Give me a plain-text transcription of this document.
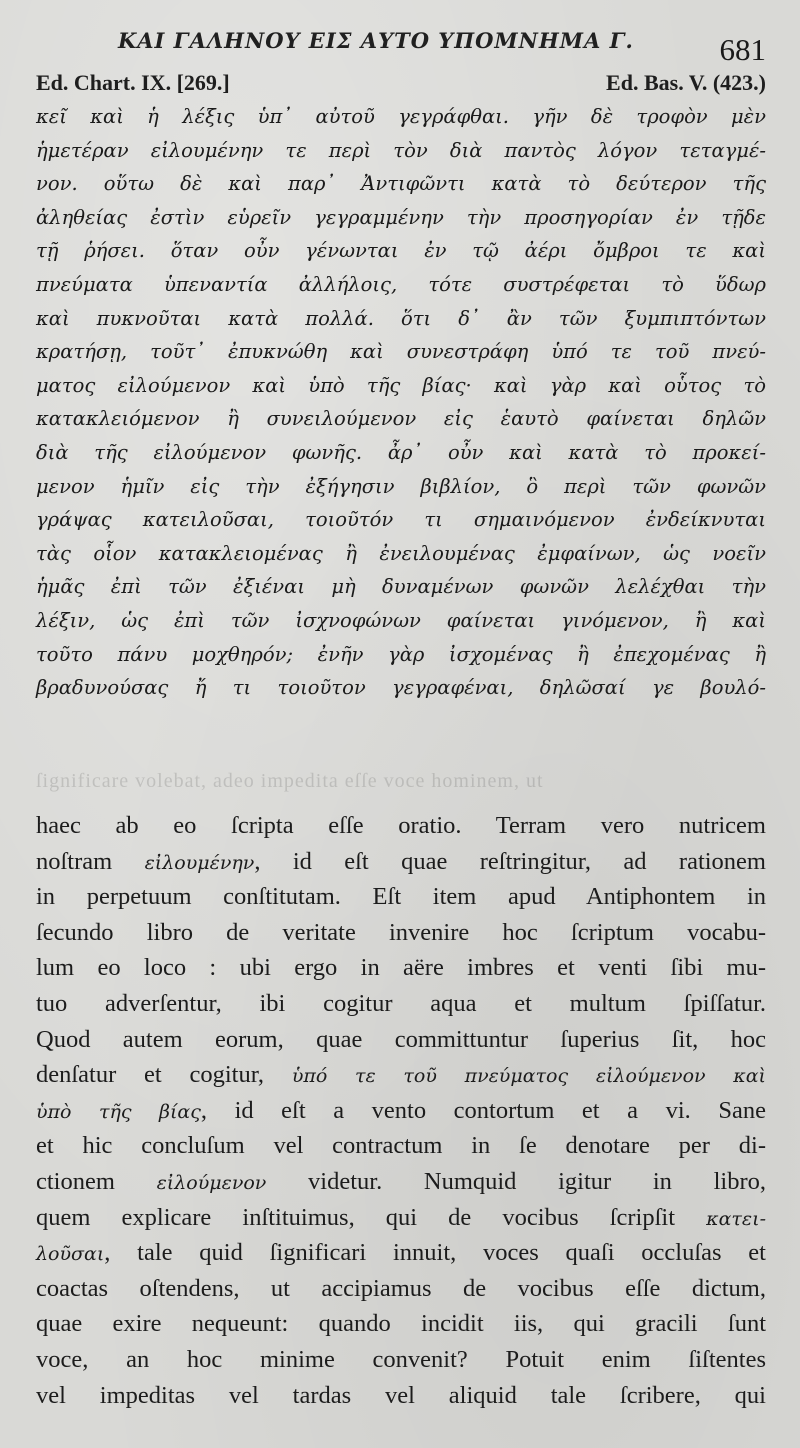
ΚΑΙ ΓΑΛΗΝΟΥ ΕΙΣ ΑΥΤΟ ΥΠΟΜΝΗΜΑ Γ.	681
Ed. Chart. IX. [269.]	Ed. Bas. V. (423.)
κεῖ καὶ ἡ λέξις ὑπ᾽ αὐτοῦ γεγράφθαι. γῆν δὲ τροφὸν μὲν
ἡμετέραν εἰλουμένην τε περὶ τὸν διὰ παντὸς λόγον τεταγμέ-
νον. οὕτω δὲ καὶ παρ᾽ Ἀντιφῶντι κατὰ τὸ δεύτερον τῆς
ἀληθείας ἐστὶν εὑρεῖν γεγραμμένην τὴν προσηγορίαν ἐν τῇδε
τῇ ῥήσει. ὅταν οὖν γένωνται ἐν τῷ ἀέρι ὄμβροι τε καὶ
πνεύματα ὑπεναντία ἀλλήλοις, τότε συστρέφεται τὸ ὕδωρ
καὶ πυκνοῦται κατὰ πολλά. ὅτι δ᾽ ἂν τῶν ξυμπιπτόντων
κρατήσῃ, τοῦτ᾽ ἐπυκνώθη καὶ συνεστράφη ὑπό τε τοῦ πνεύ-
ματος εἰλούμενον καὶ ὑπὸ τῆς βίας· καὶ γὰρ καὶ οὗτος τὸ
κατακλειόμενον ἢ συνειλούμενον εἰς ἑαυτὸ φαίνεται δηλῶν
διὰ τῆς εἰλούμενον φωνῆς. ἆρ᾽ οὖν καὶ κατὰ τὸ προκεί-
μενον ἡμῖν εἰς τὴν ἐξήγησιν βιβλίον, ὃ περὶ τῶν φωνῶν
γράψας κατειλοῦσαι, τοιοῦτόν τι σημαινόμενον ἐνδείκνυται
τὰς οἷον κατακλειομένας ἢ ἐνειλουμένας ἐμφαίνων, ὡς νοεῖν
ἡμᾶς ἐπὶ τῶν ἐξιέναι μὴ δυναμένων φωνῶν λελέχθαι τὴν
λέξιν, ὡς ἐπὶ τῶν ἰσχνοφώνων φαίνεται γινόμενον, ἢ καὶ
τοῦτο πάνυ μοχθηρόν; ἐνῆν γὰρ ἰσχομένας ἢ ἐπεχομένας ἢ
βραδυνούσας ἤ τι τοιοῦτον γεγραφέναι, δηλῶσαί γε βουλό-
ſignificare volebat, adeo impedita eſſe voce hominem, ut
haec ab eo ſcripta eſſe oratio. Terram vero nutricem
noſtram εἰλουμένην, id eſt quae reſtringitur, ad rationem
in perpetuum conſtitutam. Eſt item apud Antiphontem in
ſecundo libro de veritate invenire hoc ſcriptum vocabu-
lum eo loco : ubi ergo in aëre imbres et venti ſibi mu-
tuo adverſentur, ibi cogitur aqua et multum ſpiſſatur.
Quod autem eorum, quae committuntur ſuperius ſit, hoc
denſatur et cogitur, ὑπό τε τοῦ πνεύματος εἰλούμενον καὶ
ὑπὸ τῆς βίας, id eſt a vento contortum et a vi. Sane
et hic concluſum vel contractum in ſe denotare per di-
ctionem εἰλούμενον videtur. Numquid igitur in libro,
quem explicare inſtituimus, qui de vocibus ſcripſit κατει-
λοῦσαι, tale quid ſignificari innuit, voces quaſi occluſas et
coactas oſtendens, ut accipiamus de vocibus eſſe dictum,
quae exire nequeunt: quando incidit iis, qui gracili ſunt
voce, an hoc minime convenit? Potuit enim ſiſtentes
vel impeditas vel tardas vel aliquid tale ſcribere, qui
